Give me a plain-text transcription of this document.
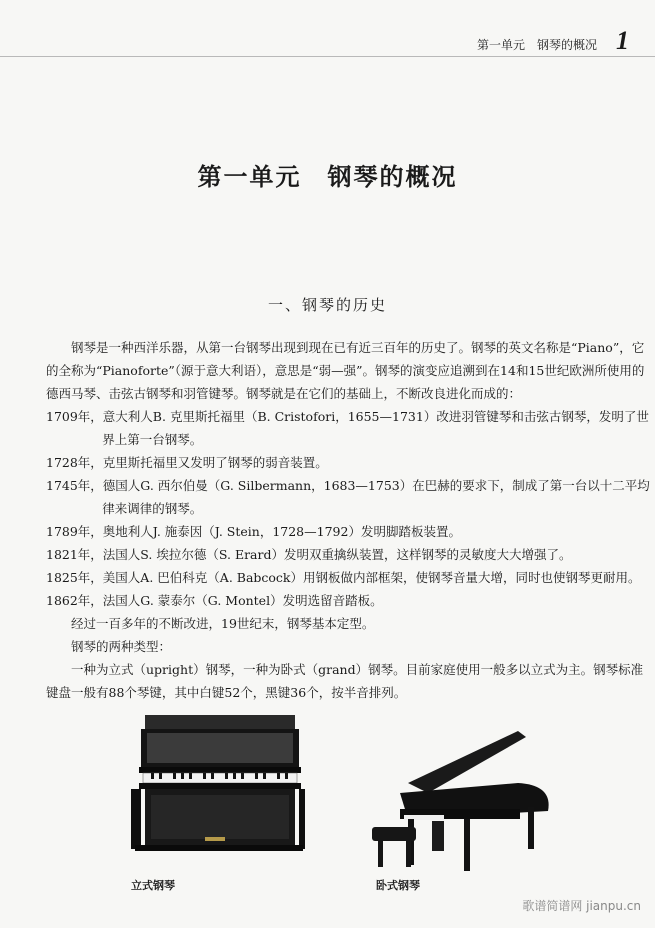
第一单元　钢琴的概况 1
第一单元　钢琴的概况
一、钢琴的历史

钢琴是一种西洋乐器，从第一台钢琴出现到现在已有近三百年的历史了。钢琴的英文名称是“Piano”，它的全称为“Pianoforte”（源于意大利语），意思是“弱—强”。钢琴的演变应追溯到在14和15世纪欧洲所使用的德西马琴、击弦古钢琴和羽管键琴。钢琴就是在它们的基础上，不断改良进化而成的：

1709年，意大利人B. 克里斯托福里（B. Cristofori，1655—1731）改进羽管键琴和击弦古钢琴，发明了世界上第一台钢琴。

1728年，克里斯托福里又发明了钢琴的弱音装置。

1745年，德国人G. 西尔伯曼（G. Silbermann，1683—1753）在巴赫的要求下，制成了第一台以十二平均律来调律的钢琴。

1789年，奥地利人J. 施泰因（J. Stein，1728—1792）发明脚踏板装置。

1821年，法国人S. 埃拉尔德（S. Erard）发明双重擒纵装置，这样钢琴的灵敏度大大增强了。

1825年，美国人A. 巴伯科克（A. Babcock）用钢板做内部框架，使钢琴音量大增，同时也使钢琴更耐用。

1862年，法国人G. 蒙泰尔（G. Montel）发明选留音踏板。

经过一百多年的不断改进，19世纪末，钢琴基本定型。

钢琴的两种类型：

一种为立式（upright）钢琴，一种为卧式（grand）钢琴。目前家庭使用一般多以立式为主。钢琴标准键盘一般有88个琴键，其中白键52个，黑键36个，按半音排列。

立式钢琴	卧式钢琴
歌谱简谱网 jianpu.cn
